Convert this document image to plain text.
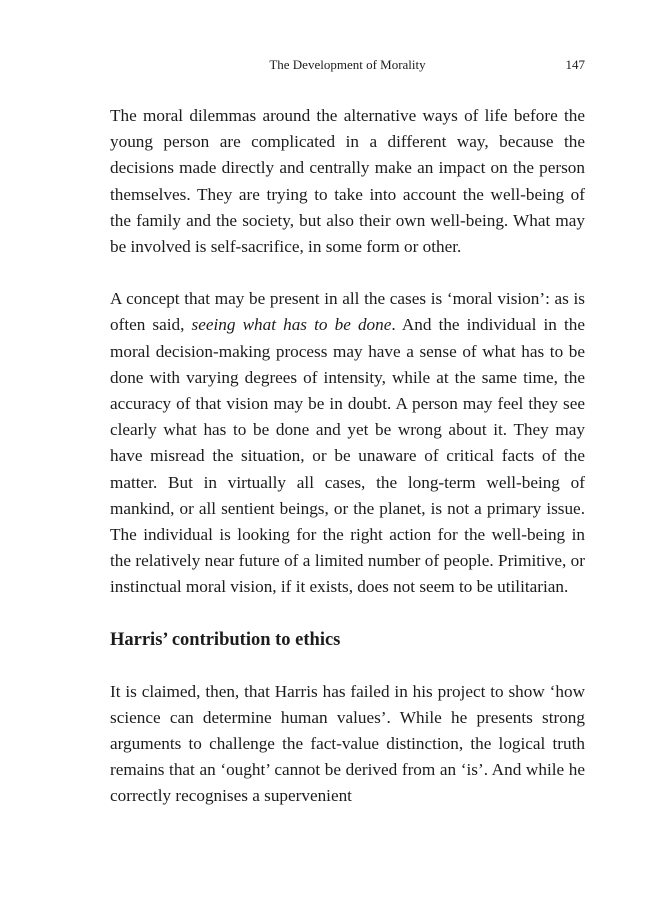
The Development of Morality	147

The moral dilemmas around the alternative ways of life before the young person are complicated in a different way, because the decisions made directly and centrally make an impact on the person themselves. They are trying to take into account the well-being of the family and the society, but also their own well-being. What may be involved is self-sacrifice, in some form or other.

A concept that may be present in all the cases is ‘moral vision’: as is often said, seeing what has to be done. And the individual in the moral decision-making process may have a sense of what has to be done with varying degrees of intensity, while at the same time, the accuracy of that vision may be in doubt. A person may feel they see clearly what has to be done and yet be wrong about it. They may have misread the situation, or be unaware of critical facts of the matter. But in virtually all cases, the long-term well-being of mankind, or all sentient beings, or the planet, is not a primary issue. The individual is looking for the right action for the well-being in the relatively near future of a limited number of people. Primitive, or instinctual moral vision, if it exists, does not seem to be utilitarian.

Harris’ contribution to ethics

It is claimed, then, that Harris has failed in his project to show ‘how science can determine human values’. While he presents strong arguments to challenge the fact-value distinction, the logical truth remains that an ‘ought’ cannot be derived from an ‘is’. And while he correctly recognises a supervenient
